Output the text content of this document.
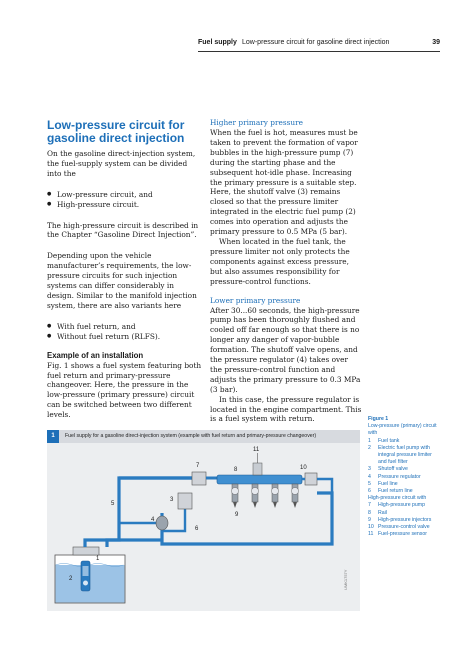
Fuel supply Low-pressure circuit for gasoline direct injection	39
Low-pressure circuit for gasoline direct injection

On the gasoline direct-injection system, the fuel-supply system can be divided into the

● Low-pressure circuit, and
● High-pressure circuit.

The high-pressure circuit is described in the Chapter “Gasoline Direct Injection”.

Depending upon the vehicle manufacturer’s requirements, the low-pressure circuits for such injection systems can differ considerably in design. Similar to the manifold injection system, there are also variants here

● With fuel return, and
● Without fuel return (RLFS).
Example of an installation

Fig. 1 shows a fuel system featuring both fuel return and primary-pressure changeover. Here, the pressure in the low-pressure (primary pressure) circuit can be switched between two different levels.

Higher primary pressure

When the fuel is hot, measures must be taken to prevent the formation of vapor bubbles in the high-pressure pump (7) during the starting phase and the subsequent hot-idle phase. Increasing the primary pressure is a suitable step. Here, the shutoff valve (3) remains closed so that the pressure limiter integrated in the electric fuel pump (2) comes into operation and adjusts the primary pressure to 0.5 MPa (5 bar).

When located in the fuel tank, the pressure limiter not only protects the components against excess pressure, but also assumes responsibility for pressure-control functions.

Lower primary pressure

After 30...60 seconds, the high-pressure pump has been thoroughly flushed and cooled off far enough so that there is no longer any danger of vapor-bubble formation. The shutoff valve opens, and the pressure regulator (4) takes over the pressure-control function and adjusts the primary pressure to 0.3 MPa (3 bar).

In this case, the pressure regulator is located in the engine compartment. This is a fuel system with return.	Figure 1
Low-pressure (primary) circuit with
1	Fuel tank
2	Electric fuel pump with integral pressure limiter and fuel filter
3	Shutoff valve
4	Pressure regulator
5	Fuel line
6	Fuel return line
High-pressure circuit with
7	High-pressure pump
8	Rail
9	High-pressure injectors
10 Pressure-control valve
11 Fuel-pressure sensor
1	Fuel supply for a gasoline direct-injection system (example with fuel return and primary-pressure changeover)
1
2
3
4
5
6
7
8
9
10
11
UMK1757Y
